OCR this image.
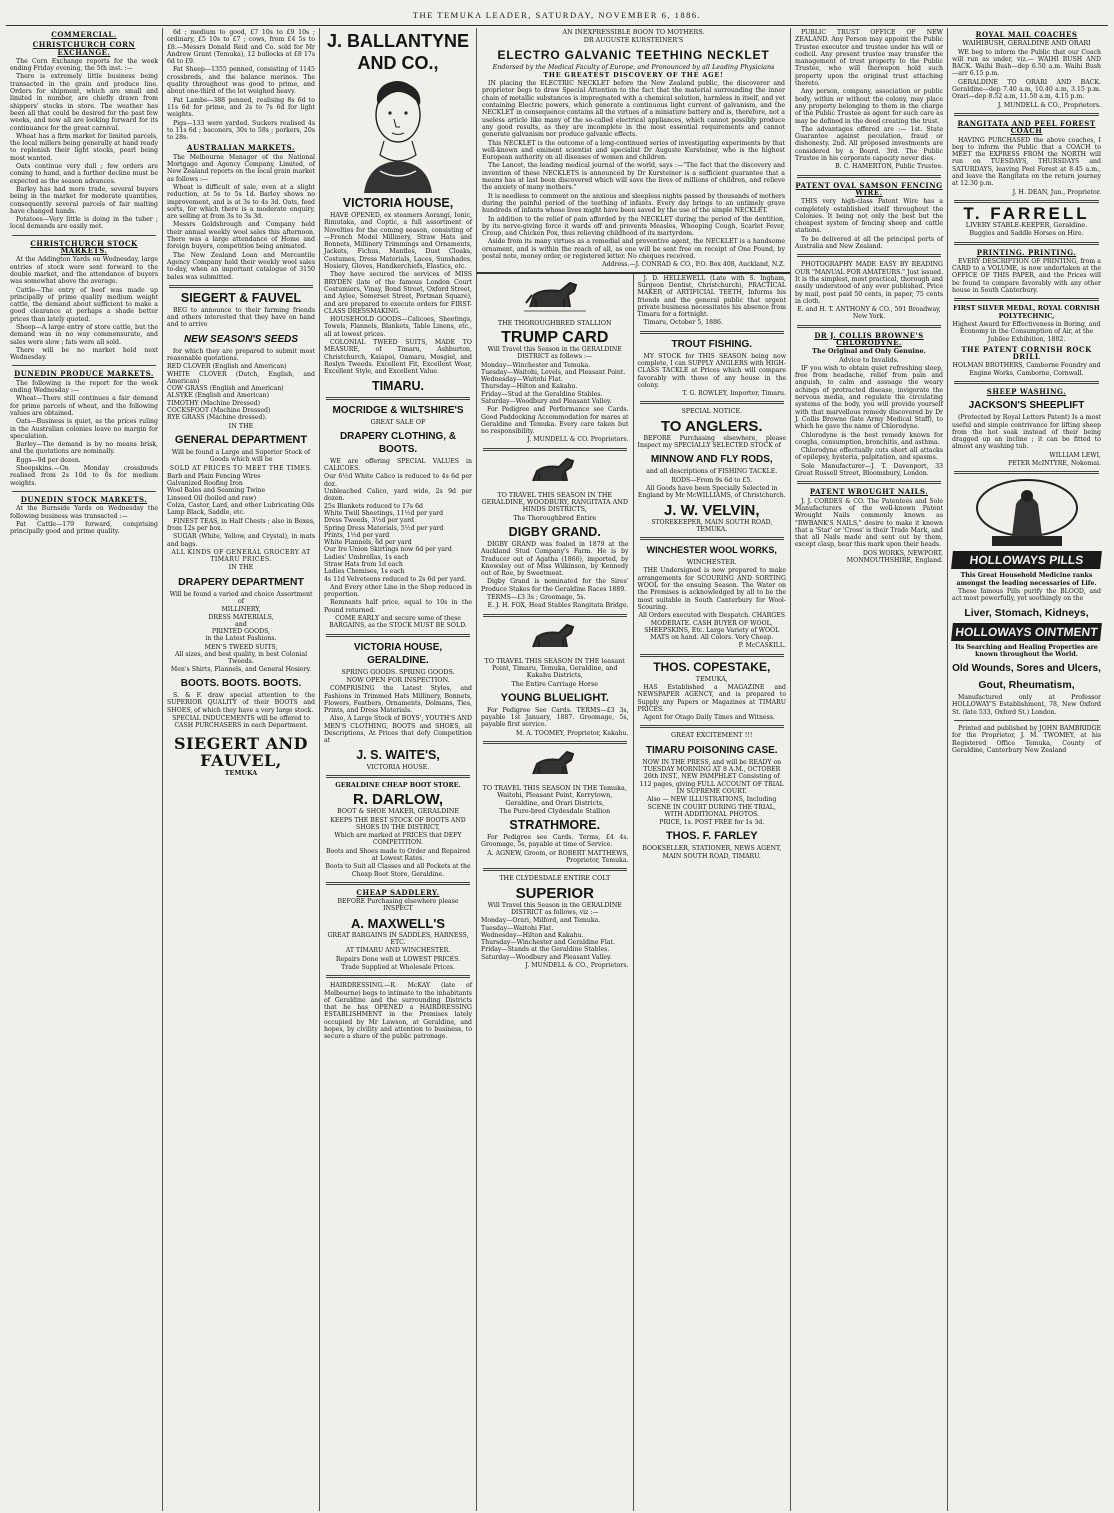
THE TEMUKA LEADER, SATURDAY, NOVEMBER 6, 1886.
COMMERCIAL.
CHRISTCHURCH CORN EXCHANGE.

The Corn Exchange reports for the week ending Friday evening, the 5th inst. :—

There is extremely little business being transacted in the grain and produce line. Orders for shipment, which are small and limited in number, are chiefly drawn from shippers' stocks in store. The weather has been all that could be desired for the past few weeks, and now all are looking forward for its continuance for the great carnival.

Wheat has a firm market for limited parcels, the local millers being generally at hand ready to replenish their light stocks, pearl being most wanted.

Oats continue very dull ; few orders are coming to hand, and a further decline must be expected as the season advances.

Barley has had more trade, several buyers being in the market for moderate quantities, consequently several parcels of fair malting have changed hands.

Potatoes—Very little is doing in the tuber ; local demands are easily met.

CHRISTCHURCH STOCK MARKETS.

At the Addington Yards on Wednesday, large entries of stock were sent forward to the double market, and the attendance of buyers was somewhat above the average.

Cattle—The entry of beef was made up principally of prime quality medium weight cattle, the demand about sufficient to make a good clearance at perhaps a shade better prices than lately quoted.

Sheep—A large entry of store cattle, but the demand was in no way commensurate, and sales were slow ; fats were all sold.

There will be no market held next Wednesday.

DUNEDIN PRODUCE MARKETS.

The following is the report for the week ending Wednesday :—

Wheat—There still continues a fair demand for prime parcels of wheat, and the following values are obtained.

Oats—Business is quiet, as the prices ruling in the Australian colonies leave no margin for speculation.

Barley—The demand is by no means brisk, and the quotations are nominally.

Eggs—9d per dozen.

Sheepskins.—On Monday crossbreds realised from 2s 10d to 6s for medium weights.

DUNEDIN STOCK MARKETS.

At the Burnside Yards on Wednesday the following business was transacted :—

Fat Cattle—179 forward, comprising principally good and prime quality.

6d ; medium to good, £7 10s to £9 10s ; ordinary, £5 10s to £7 ; cows, from £4 5s to £8.—Messrs Donald Reid and Co. sold for Mr Andrew Grant (Temuka), 12 bullocks at £8 17s 6d to £9.

Fat Sheep—1355 penned, consisting of 1145 crossbreds, and the balance merinos. The quality throughout was good to prime, and about one-third of the lot weighed heavy.

Fat Lambs—388 penned, realising 8s 6d to 11s 6d for prime, and 2s to 7s 6d for light weights.

Pigs—133 were yarded. Suckers realised 4s to 11s 6d ; baconers, 30s to 58s ; porkers, 20s to 28s.

AUSTRALIAN MARKETS.

The Melbourne Manager of the National Mortgage and Agency Company, Limited, of New Zealand reports on the local grain market as follows :—

Wheat is difficult of sale, even at a slight reduction, at 5s to 5s 1d. Barley shows no improvement, and is at 3s to 4s 3d. Oats, feed sorts, for which there is a moderate enquiry, are selling at from 3s to 3s 3d.

Messrs Goldsbrough and Company held their annual weekly wool sales this afternoon. There was a large attendance of Home and foreign buyers, competition being animated.

The New Zealand Loan and Mercantile Agency Company held their weekly wool sales to-day, when an important catalogue of 3150 bales was submitted.

SIEGERT & FAUVEL

BEG to announce to their farming friends and others interested that they have on hand and to arrive

NEW SEASON'S SEEDS

for which they are prepared to submit most reasonable quotations.

RED CLOVER (English and American)
WHITE CLOVER (Dutch, English, and American)
COW GRASS (English and American)
ALSYKE (English and American)
TIMOTHY (Machine Dressed)
COCKSFOOT (Machine Dressed)
RYE GRASS (Machine dressed).

IN THE
GENERAL DEPARTMENT

Will be found a Large and Superior Stock of Goods which will be

SOLD AT PRICES TO MEET THE TIMES.

Barb and Plain Fencing Wires
Galvanized Roofing Iron
Wool Bales and Seaming Twine
Linseed Oil (boiled and raw)
Colza, Castor, Lard, and other Lubricating Oils
Lamp Black, Saddle, etc.

FINEST TEAS, in Half Chests ; also in Boxes, from 12s per box.

SUGAR (White, Yellow, and Crystal), in mats and bags.

ALL KINDS OF GENERAL GROCERY AT TIMARU PRICES.

IN THE
DRAPERY DEPARTMENT

Will be found a varied and choice Assortment of

MILLINERY,
DRESS MATERIALS,
and
PRINTED GOODS,
in the Latest Fashions.

MEN'S TWEED SUITS,
All sizes, and best quality, in best Colonial Tweeds.
Men's Shirts, Flannels, and General Hosiery.

BOOTS. BOOTS. BOOTS.

S. & F. draw special attention to the SUPERIOR QUALITY of their BOOTS and SHOES, of which they have a very large stock.

SPECIAL INDUCEMENTS will be offered to CASH PURCHASERS in each Department.

SIEGERT AND
FAUVEL,
TEMUKA
J. BALLANTYNE
AND CO.,
VICTORIA HOUSE,

HAVE OPENED, ex steamers Aorangi, Ionic, Rimutaka, and Coptic, a full assortment of Novelties for the coming season, consisting of—French Model Millinery, Straw Hats and Bonnets, Millinery Trimmings and Ornaments, Jackets, Fichus, Mantles, Dust Cloaks, Costumes, Dress Materials, Laces, Sunshades, Hosiery, Gloves, Handkerchiefs, Elastics, etc.

They have secured the services of MISS BRYDEN (late of the famous London Court Costumiers, Vinay, Bond Street, Oxford Street, and Aylee, Somerset Street, Portman Square), and are prepared to execute orders for FIRST-CLASS DRESSMAKING.

HOUSEHOLD GOODS—Calicoes, Sheetings, Towels, Flannels, Blankets, Table Linens, etc., all at lowest prices.

COLONIAL TWEED SUITS, MADE TO MEASURE, of Timaru, Ashburton, Christchurch, Kaiapoi, Oamaru, Mosgiel, and Roslyn Tweeds. Excellent Fit, Excellent Wear, Excellent Style, and Excellent Value.

TIMARU.
MOCRIDGE & WILTSHIRE'S
GREAT SALE OF
DRAPERY CLOTHING, & BOOTS.

WE are offering SPECIAL VALUES in CALICOES.

Our 6½d White Calico is reduced to 4s 6d per doz.
Unbleached Calico, yard wide, 2s 9d per dozen.
25s Blankets reduced to 17s 6d
White Twill Sheetings, 11½d per yard
Dress Tweeds, 3½d per yard
Spring Dress Materials, 5½d per yard
Prints, 1½d per yard
White Flannels, 6d per yard
Our Ire Union Skirtings now 6d per yard
Ladies' Umbrellas, 1s each
Straw Hats from 1d each
Ladies Chemises, 1s each
4s 11d Velveteens reduced to 2s 6d per yard.

And Every other Line in the Shop reduced in proportion.

Remnants half price, equal to 10s in the Pound returned.

COME EARLY and secure some of these BARGAINS, as the STOCK MUST BE SOLD.

VICTORIA HOUSE, GERALDINE.
SPRING GOODS. SPRING GOODS.
NOW OPEN FOR INSPECTION.

COMPRISING the Latest Styles, and Fashions in Trimmed Hats Millinery, Bonnets, Flowers, Feathers, Ornaments, Dolmans, Ties, Prints, and Dress Materials.

Also, A Large Stock of BOYS', YOUTH'S AND MEN'S CLOTHING, BOOTS and SHOES, all Descriptions, At Prices that defy Competition at

J. S. WAITE'S,
VICTORIA HOUSE.
GERALDINE CHEAP BOOT STORE.
R. DARLOW,
BOOT & SHOE MAKER, GERALDINE

KEEPS THE BEST STOCK OF BOOTS AND SHOES IN THE DISTRICT,

Which are marked at PRICES that DEFY COMPETITION.

Boots and Shoes made to Order and Repaired at Lowest Rates.

Boots to Suit all Classes and all Pockets at the Cheap Boot Store, Geraldine.

CHEAP SADDLERY.

BEFORE Purchasing elsewhere please INSPECT

A. MAXWELL'S

GREAT BARGAINS IN SADDLES, HARNESS, ETC.

AT TIMARU AND WINCHESTER.

Repairs Done well at LOWEST PRICES.

Trade Supplied at Wholesale Prices.

HAIRDRESSING.—R. McKAY (late of Melbourne) begs to intimate to the inhabitants of Geraldine and the surrounding Districts that he has OPENED a HAIRDRESSING ESTABLISHMENT in the Premises lately occupied by Mr Lawson, at Geraldine, and hopes, by civility and attention to business, to secure a share of the public patronage.

AN INEXPRESSIBLE BOON TO MOTHERS.
DR AUGUSTE KURSTEINER'S
ELECTRO GALVANIC TEETHING NECKLET
Endorsed by the Medical Faculty of Europe, and Pronounced by all Leading Physicians
THE GREATEST DISCOVERY OF THE AGE!

IN placing the ELECTRIC NECKLET before the New Zealand public, the discoverer and proprietor begs to draw Special Attention to the fact that the material surrounding the inner chain of metallic substances is impregnated with a chemical solution, harmless in itself, and yet containing Electric powers, which generate a continuous light current of galvanism, and the NECKLET in consequence contains all the virtues of a miniature battery and is, therefore, not a useless article like many of the so-called electrical appliances, which cannot possibly produce any good results, as they are incomplete in the most essential requirements and cannot generate galvanism nor produce galvanic effects.

This NECKLET is the outcome of a long-continued series of investigating experiments by that well-known and eminent scientist and specialist Dr Auguste Kursteiner, who is the highest European authority on all diseases of women and children.

The Lancet, the leading medical journal of the world, says :—"The fact that the discovery and invention of these NECKLETS is announced by Dr Kursteiner is a sufficient guarantee that a means has at last been discovered which will save the lives of millions of children, and relieve the anxiety of many mothers."

It is needless to comment on the anxious and sleepless nights passed by thousands of mothers during the painful period of the teething of infants. Every day brings to an untimely grave hundreds of infants whose lives might have been saved by the use of the simple NECKLET.

In addition to the relief of pain afforded by the NECKLET during the period of the dentition, by its nerve-giving force it wards off and prevents Measles, Whooping Cough, Scarlet Fever, Croup, and Chicken Pox, thus relieving childhood of its martyrdom.

Aside from its many virtues as a remedial and preventive agent, the NECKLET is a handsome ornament, and is within the reach of all, as one will be sent free on receipt of One Pound, by postal note, money order, or registered letter. No cheques received.

Address.—J. CONRAD & CO., P.O. Box 408, Auckland, N.Z.

THE THOROUGHBRED STALLION
TRUMP CARD

Will Travel this Season in the GERALDINE DISTRICT as follows :—

Monday—Winchester and Temuka.
Tuesday—Waitohi, Levels, and Pleasant Point.
Wednesday—Waitohi Flat.
Thursday—Hilton and Kakahu.
Friday—Stud at the Geraldine Stables.
Saturday—Woodbury and Pleasant Valley.

For Pedigree and Performance see Cards. Good Paddocking Accommodation for mares at Geraldine and Temuka. Every care taken but no responsibility.

J. MUNDELL & CO. Proprietors.

TO TRAVEL THIS SEASON IN THE GERALDINE, WOODBURY, RANGITATA AND HINDS DISTRICTS,
The Thoroughbred Entire
DIGBY GRAND.

DIGBY GRAND was foaled in 1879 at the Auckland Stud Company's Farm. He is by Traducer out of Agatha (1866), imported, by Knowsley out of Miss Wilkinson, by Kennedy out of Roe, by Sweetmeat.

Digby Grand is nominated for the Sires' Produce Stakes for the Geraldine Races 1889.

TERMS—£3 3s ; Groomage, 5s.

E. J. H. FOX, Head Stables Rangitata Bridge.

TO TRAVEL THIS SEASON IN THE leasant Point, Timaru, Temuka, Geraldine, and Kakahu Districts,
The Entire Carriage Horse
YOUNG BLUELIGHT.

For Pedigree See Cards. TERMS—£3 3s, payable 1st January, 1887. Groomage, 5s, payable first service.

M. A. TOOMEY, Proprietor, Kakahu.

TO TRAVEL THIS SEASON IN THE Temuka, Waitohi, Pleasant Point, Kerrytown, Geraldine, and Orari Districts,
The Pure-bred Clydesdale Stallion
STRATHMORE.

For Pedigree see Cards. Terms, £4 4s. Groomage, 5s, payable at time of Service.

A. AGNEW, Groom, or ROBERT MATTHEWS, Proprietor, Temuka.

THE CLYDESDALE ENTIRE COLT
SUPERIOR

Will Travel this Season in the GERALDINE DISTRICT as follows, viz :—

Monday—Orari, Milford, and Temuka.
Tuesday—Waitohi Flat.
Wednesday—Hilton and Kakahu.
Thursday—Winchester and Geraldine Flat.
Friday—Stands at the Geraldine Stables.
Saturday—Woodbury and Pleasant Valley.

J. MUNDELL & CO., Proprietors.

J. D. HELLEWELL (Late with S. Ingham, Surgeon Dentist, Christchurch), PRACTICAL MAKER of ARTIFICIAL TEETH, Informs his friends and the general public that urgent private business necessitates his absence from Timaru for a fortnight.

Timaru, October 5, 1886.

TROUT FISHING.

MY STOCK for THIS SEASON being now complete, I can SUPPLY ANGLERS with HIGH-CLASS TACKLE at Prices which will compare favorably with those of any house in the colony.

T. G. ROWLEY, Importer, Timaru.

SPECIAL NOTICE.
TO ANGLERS.

BEFORE Purchasing elsewhere, please Inspect my SPECIALLY SELECTED STOCK of

MINNOW AND FLY RODS,

and all descriptions of FISHING TACKLE.

RODS—From 9s 6d to £5.

All Goods have been Specially Selected in England by Mr McWILLIAMS, of Christchurch.

J. W. VELVIN,

STOREKEEPER, MAIN SOUTH ROAD, TEMUKA.

WINCHESTER WOOL WORKS,
WINCHESTER.

THE Undersigned is now prepared to make arrangements for SCOURING AND SORTING WOOL for the ensuing Season. The Water on the Premises is acknowledged by all to be the most suitable in South Canterbury for Wool-Scouring.

All Orders executed with Despatch. CHARGES MODERATE. CASH BUYER OF WOOL, SHEEPSKINS, Etc. Large Variety of WOOL MATS on hand. All Colors. Very Cheap.

P. McCASKILL.

THOS. COPESTAKE,
TEMUKA,

HAS Established a MAGAZINE and NEWSPAPER AGENCY, and is prepared to Supply any Papers or Magazines at TIMARU PRICES.

Agent for Otago Daily Times and Witness.

GREAT EXCITEMENT !!!
TIMARU POISONING CASE.

NOW IN THE PRESS, and will be READY on TUESDAY MORNING AT 8 A.M., OCTOBER 26th INST., NEW PAMPHLET Consisting of 112 pages, giving FULL ACCOUNT OF TRIAL IN SUPREME COURT.

Also — NEW ILLUSTRATIONS, Including SCENE IN COURT DURING THE TRIAL, WITH ADDITIONAL PHOTOS.

PRICE, 1s. POST FREE for 1s 3d.

THOS. F. FARLEY

BOOKSELLER, STATIONER, NEWS AGENT, MAIN SOUTH ROAD, TIMARU.

PUBLIC TRUST OFFICE OF NEW ZEALAND. Any Person may appoint the Public Trustee executor and trustee under his will or codicil. Any present trustee may transfer the management of trust property to the Public Trustee, who will thereupon hold such property upon the original trust attaching thereto.

Any person, company, association or public body, within or without the colony, may place any property belonging to them in the charge of the Public Trustee as agent for such care as may be defined in the deed creating the trust.

The advantages offered are :— 1st. State Guarantee against peculation, fraud or dishonesty. 2nd. All proposed investments are considered by a Board. 3rd. The Public Trustee in his corporate capacity never dies.

B. C. HAMERTON, Public Trustee.

PATENT OVAL SAMSON FENCING WIRE.

THIS very high-class Patent Wire has a completely established itself throughout the Colonies. It being not only the best but the cheapest system of fencing sheep and cattle stations.

To be delivered at all the principal ports of Australia and New Zealand.

PHOTOGRAPHY MADE EASY BY READING OUR "MANUAL FOR AMATEURS." Just issued. It is the simplest, most practical, thorough and easily understood of any ever published. Price by mail, post paid 50 cents, in paper, 75 cents in cloth.

E. and H. T. ANTHONY & CO., 591 Broadway, New York.

DR J. COLLIS BROWNE'S CHLORODYNE.
The Original and Only Genuine.
Advice to Invalids.

IF you wish to obtain quiet refreshing sleep, free from headache, relief from pain and anguish, to calm and assuage the weary achings of protracted disease, invigorate the nervous media, and regulate the circulating systems of the body, you will provide yourself with that marvellous remedy discovered by Dr J. Collis Browne (late Army Medical Staff), to which he gave the name of Chlorodyne.

Chlorodyne is the best remedy known for coughs, consumption, bronchitis, and asthma.

Chlorodyne effectually cuts short all attacks of epilepsy, hysteria, palpitation, and spasms.

Sole Manufacturer—J. T. Davenport, 33 Great Russell Street, Bloomsbury, London.

PATENT WROUGHT NAILS.

J. J. CORDES & CO. The Patentees and Sole Manufacturers of the well-known Patent Wrought Nails commonly known as "RWBANK'S NAILS," desire to make it known that a 'Star' or 'Cross' is their Trade Mark, and that all Nails made and sent out by them, except clasp, bear this mark upon their heads.

DOS WORKS, NEWPORT, MONMOUTHSHIRE, England.

ROYAL MAIL COACHES
WAIHIBUSH, GERALDINE AND ORARI

WE beg to inform the Public that our Coach will run as under, viz.— WAIHI BUSH AND BACK. Waihi Bush—dep 6.50 a.m. Waihi Bush—arr 6.15 p.m.

GERALDINE TO ORARI AND BACK. Geraldine—dep 7.40 a.m, 10.40 a.m, 3.15 p.m. Orari—dep 8.52 a.m, 11.50 a.m, 4.15 p.m.

J. MUNDELL & CO., Proprietors.

RANGITATA AND PEEL FOREST COACH

HAVING PURCHASED the above coaches, I beg to inform the Public that a COACH to MEET the EXPRESS FROM the NORTH will run on TUESDAYS, THURSDAYS and SATURDAYS, leaving Peel Forest at 8.45 a.m., and leave the Rangitata on the return journey at 12.30 p.m.

J. H. DEAN, Jun., Proprietor.

T. FARRELL
LIVERY STABLE-KEEPER, Geraldine.

Buggies and Saddle Horses on Hire.

PRINTING. PRINTING.

EVERY DESCRIPTION OF PRINTING, from a CARD to a VOLUME, is now undertaken at the OFFICE OF THIS PAPER, and the Prices will be found to compare favorably with any other house in South Canterbury.

FIRST SILVER MEDAL, ROYAL CORNISH POLYTECHNIC,

Highest Award for Effectiveness in Boring, and Economy in the Consumption of Air, at the Jubilee Exhibition, 1882.

THE PATENT CORNISH ROCK DRILL

HOLMAN BROTHERS, Camborne Foundry and Engine Works, Camborne, Cornwall.

SHEEP WASHING.
JACKSON'S SHEEPLIFT

(Protected by Royal Letters Patent) Is a most useful and simple contrivance for lifting sheep from the hot soak instead of their being dragged up an incline ; it can be fitted to almost any washing tub.

WILLIAM LEWI,

PETER McINTYRE, Nokomai.

HOLLOWAYS PILLS

This Great Household Medicine ranks amongst the leading necessaries of Life.

These famous Pills purify the BLOOD, and act most powerfully, yet soothingly on the

Liver, Stomach, Kidneys,
HOLLOWAYS OINTMENT

Its Searching and Healing Properties are known throughout the World.

Old Wounds, Sores and Ulcers,
Gout, Rheumatism,

Manufactured only at Professor HOLLOWAY'S Establishment, 78, New Oxford St. (late 533, Oxford St.) London.

Printed and published by JOHN BAMBRIDGE for the Proprietor, J. M. TWOMEY, at his Registered Office Temuka, County of Geraldine, Canterbury New Zealand
